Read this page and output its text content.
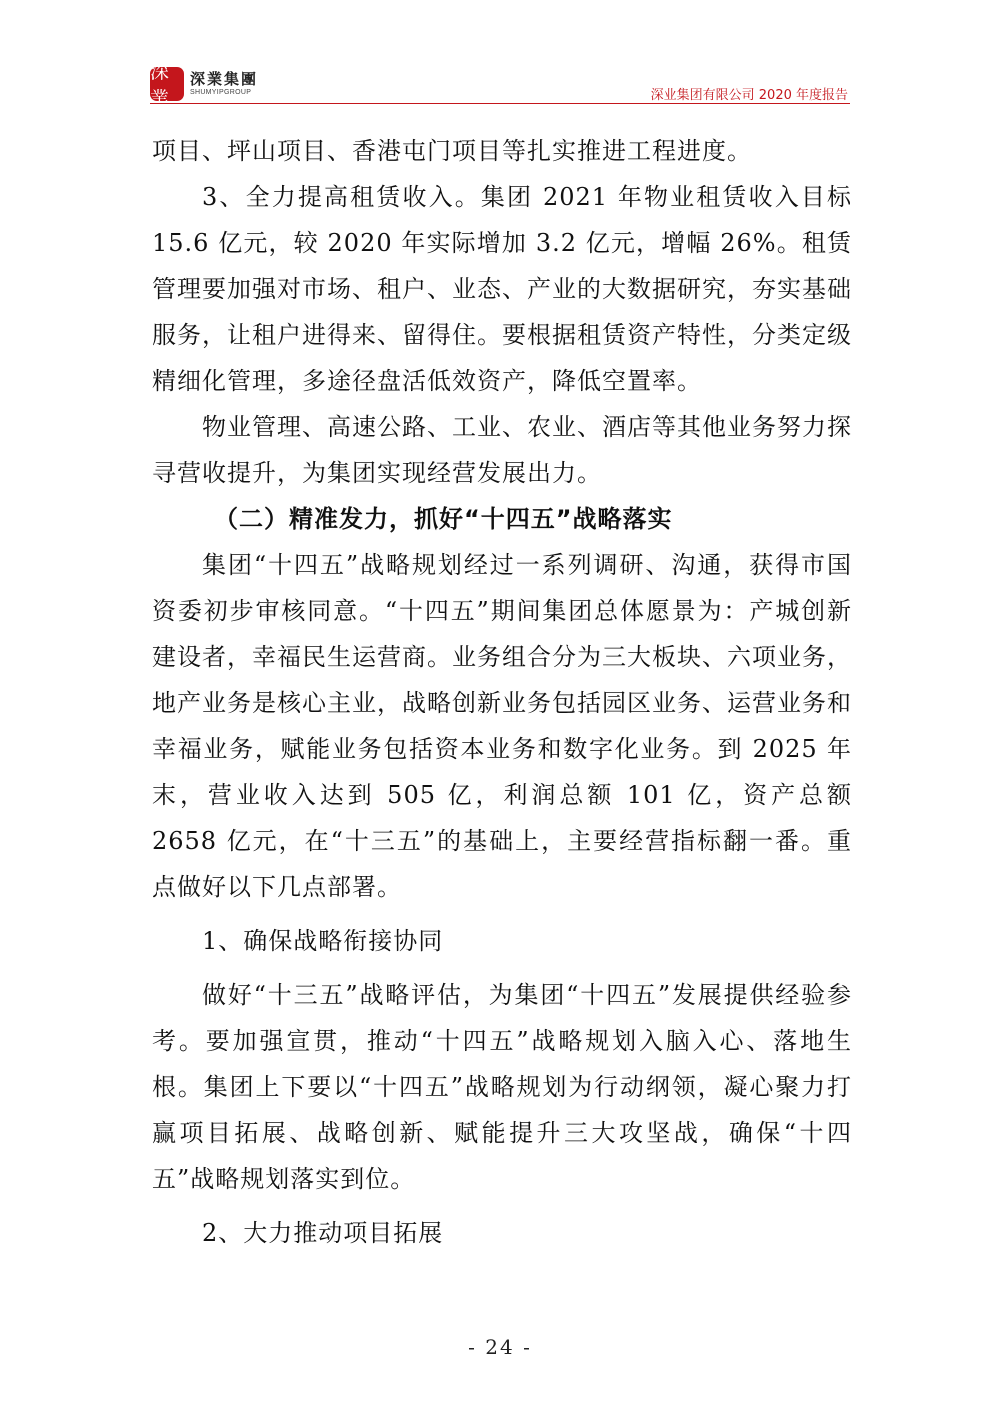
深業
深業集團
SHUMYIPGROUP	深业集团有限公司 2020 年度报告

项目、坪山项目、香港屯门项目等扎实推进工程进度。

3、全力提高租赁收入。集团 2021 年物业租赁收入目标 15.6 亿元，较 2020 年实际增加 3.2 亿元，增幅 26%。租赁管理要加强对市场、租户、业态、产业的大数据研究，夯实基础服务，让租户进得来、留得住。要根据租赁资产特性，分类定级精细化管理，多途径盘活低效资产，降低空置率。

物业管理、高速公路、工业、农业、酒店等其他业务努力探寻营收提升，为集团实现经营发展出力。

（二）精准发力，抓好“十四五”战略落实

集团“十四五”战略规划经过一系列调研、沟通，获得市国资委初步审核同意。“十四五”期间集团总体愿景为：产城创新建设者，幸福民生运营商。业务组合分为三大板块、六项业务，地产业务是核心主业，战略创新业务包括园区业务、运营业务和幸福业务，赋能业务包括资本业务和数字化业务。到 2025 年末，营业收入达到 505 亿，利润总额 101 亿，资产总额 2658 亿元，在“十三五”的基础上，主要经营指标翻一番。重点做好以下几点部署。

1、确保战略衔接协同

做好“十三五”战略评估，为集团“十四五”发展提供经验参考。要加强宣贯，推动“十四五”战略规划入脑入心、落地生根。集团上下要以“十四五”战略规划为行动纲领，凝心聚力打赢项目拓展、战略创新、赋能提升三大攻坚战，确保“十四五”战略规划落实到位。

2、大力推动项目拓展

- 24 -
